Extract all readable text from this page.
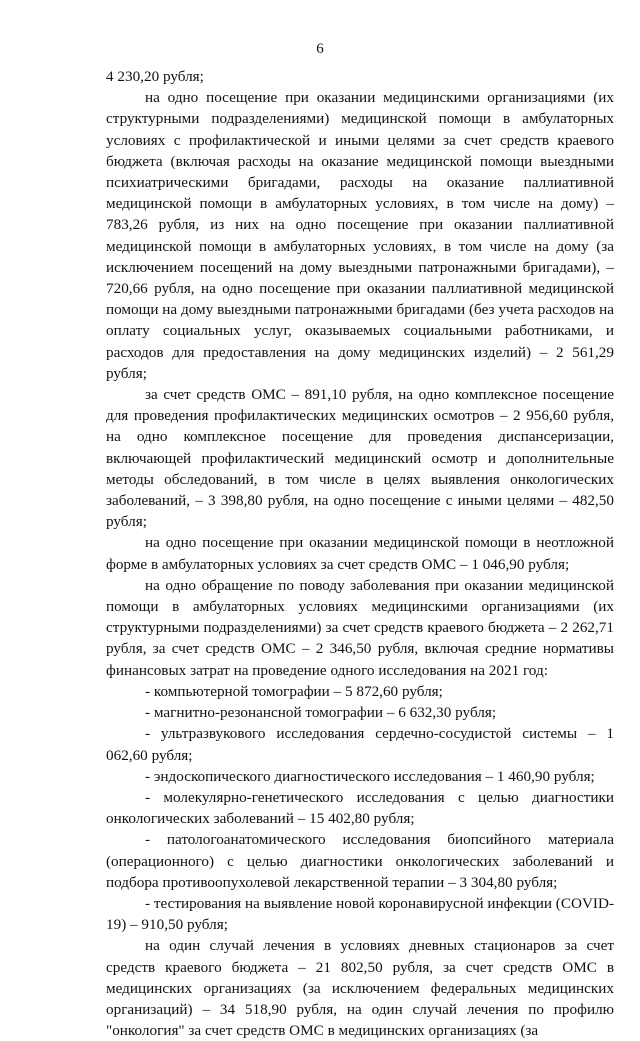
6

4 230,20 рубля;

на одно посещение при оказании медицинскими организациями (их структурными подразделениями) медицинской помощи в амбулаторных условиях с профилактической и иными целями за счет средств краевого бюджета (включая расходы на оказание медицинской помощи выездными психиатрическими бригадами, расходы на оказание паллиативной медицинской помощи в амбулаторных условиях, в том числе на дому) – 783,26 рубля, из них на одно посещение при оказании паллиативной медицинской помощи в амбулаторных условиях, в том числе на дому (за исключением посещений на дому выездными патронажными бригадами), – 720,66 рубля, на одно посещение при оказании паллиативной медицинской помощи на дому выездными патронажными бригадами (без учета расходов на оплату социальных услуг, оказываемых социальными работниками, и расходов для предоставления на дому медицинских изделий) – 2 561,29 рубля;

за счет средств ОМС – 891,10 рубля, на одно комплексное посещение для проведения профилактических медицинских осмотров – 2 956,60 рубля, на одно комплексное посещение для проведения диспансеризации, включающей профилактический медицинский осмотр и дополнительные методы обследований, в том числе в целях выявления онкологических заболеваний, – 3 398,80 рубля, на одно посещение с иными целями – 482,50 рубля;

на одно посещение при оказании медицинской помощи в неотложной форме в амбулаторных условиях за счет средств ОМС – 1 046,90 рубля;

на одно обращение по поводу заболевания при оказании медицинской помощи в амбулаторных условиях медицинскими организациями (их структурными подразделениями) за счет средств краевого бюджета – 2 262,71 рубля, за счет средств ОМС – 2 346,50 рубля, включая средние нормативы финансовых затрат на проведение одного исследования на 2021 год:

- компьютерной томографии – 5 872,60 рубля;

- магнитно-резонансной томографии – 6 632,30 рубля;

- ультразвукового исследования сердечно-сосудистой системы – 1 062,60 рубля;

- эндоскопического диагностического исследования – 1 460,90 рубля;

- молекулярно-генетического исследования с целью диагностики онкологических заболеваний – 15 402,80 рубля;

- патологоанатомического исследования биопсийного материала (операционного) с целью диагностики онкологических заболеваний и подбора противоопухолевой лекарственной терапии – 3 304,80 рубля;

- тестирования на выявление новой коронавирусной инфекции (COVID-19) – 910,50 рубля;

на один случай лечения в условиях дневных стационаров за счет средств краевого бюджета – 21 802,50 рубля, за счет средств ОМС в медицинских организациях (за исключением федеральных медицинских организаций) – 34 518,90 рубля, на один случай лечения по профилю "онкология" за счет средств ОМС в медицинских организациях (за
